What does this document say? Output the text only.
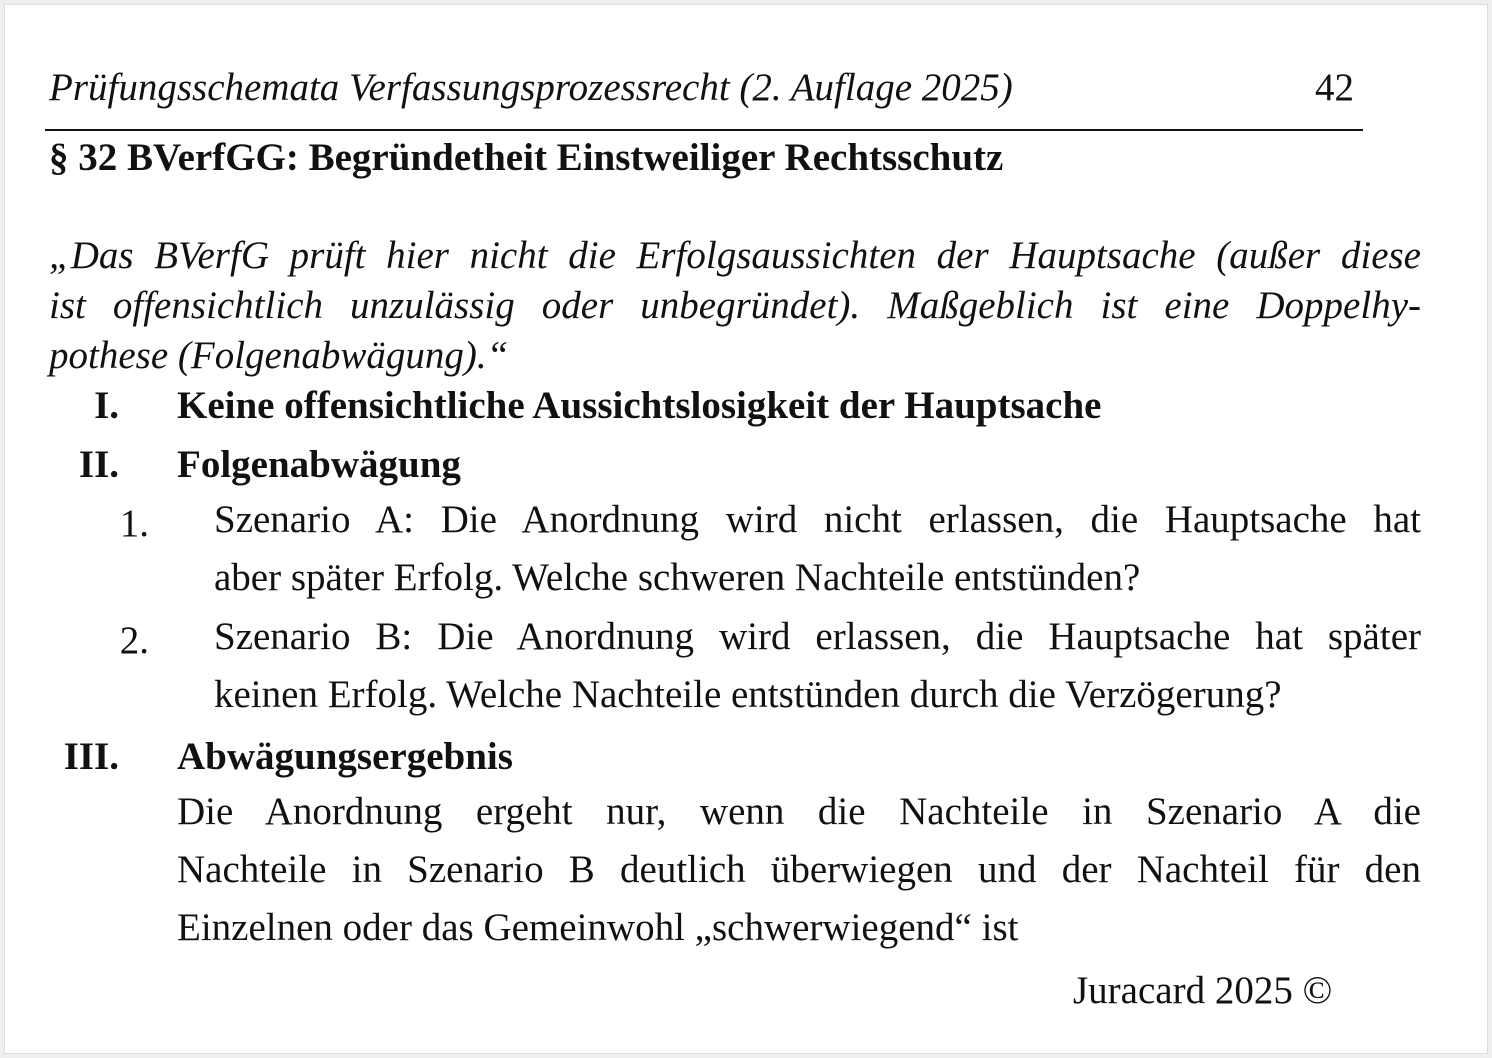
Prüfungsschemata Verfassungsprozessrecht (2. Auflage 2025)	42
§ 32 BVerfGG: Begründetheit Einstweiliger Rechtsschutz
„Das BVerfG prüft hier nicht die Erfolgsaussichten der Hauptsache (außer diese
ist offensichtlich unzulässig oder unbegründet). Maßgeblich ist eine Doppelhy-
pothese (Folgenabwägung).“
I. Keine offensichtliche Aussichtslosigkeit der Hauptsache
II. Folgenabwägung
1. Szenario A: Die Anordnung wird nicht erlassen, die Hauptsache hat
aber später Erfolg. Welche schweren Nachteile entstünden?
2. Szenario B: Die Anordnung wird erlassen, die Hauptsache hat später
keinen Erfolg. Welche Nachteile entstünden durch die Verzögerung?
III. Abwägungsergebnis
Die Anordnung ergeht nur, wenn die Nachteile in Szenario A die
Nachteile in Szenario B deutlich überwiegen und der Nachteil für den
Einzelnen oder das Gemeinwohl „schwerwiegend“ ist
Juracard 2025 ©
